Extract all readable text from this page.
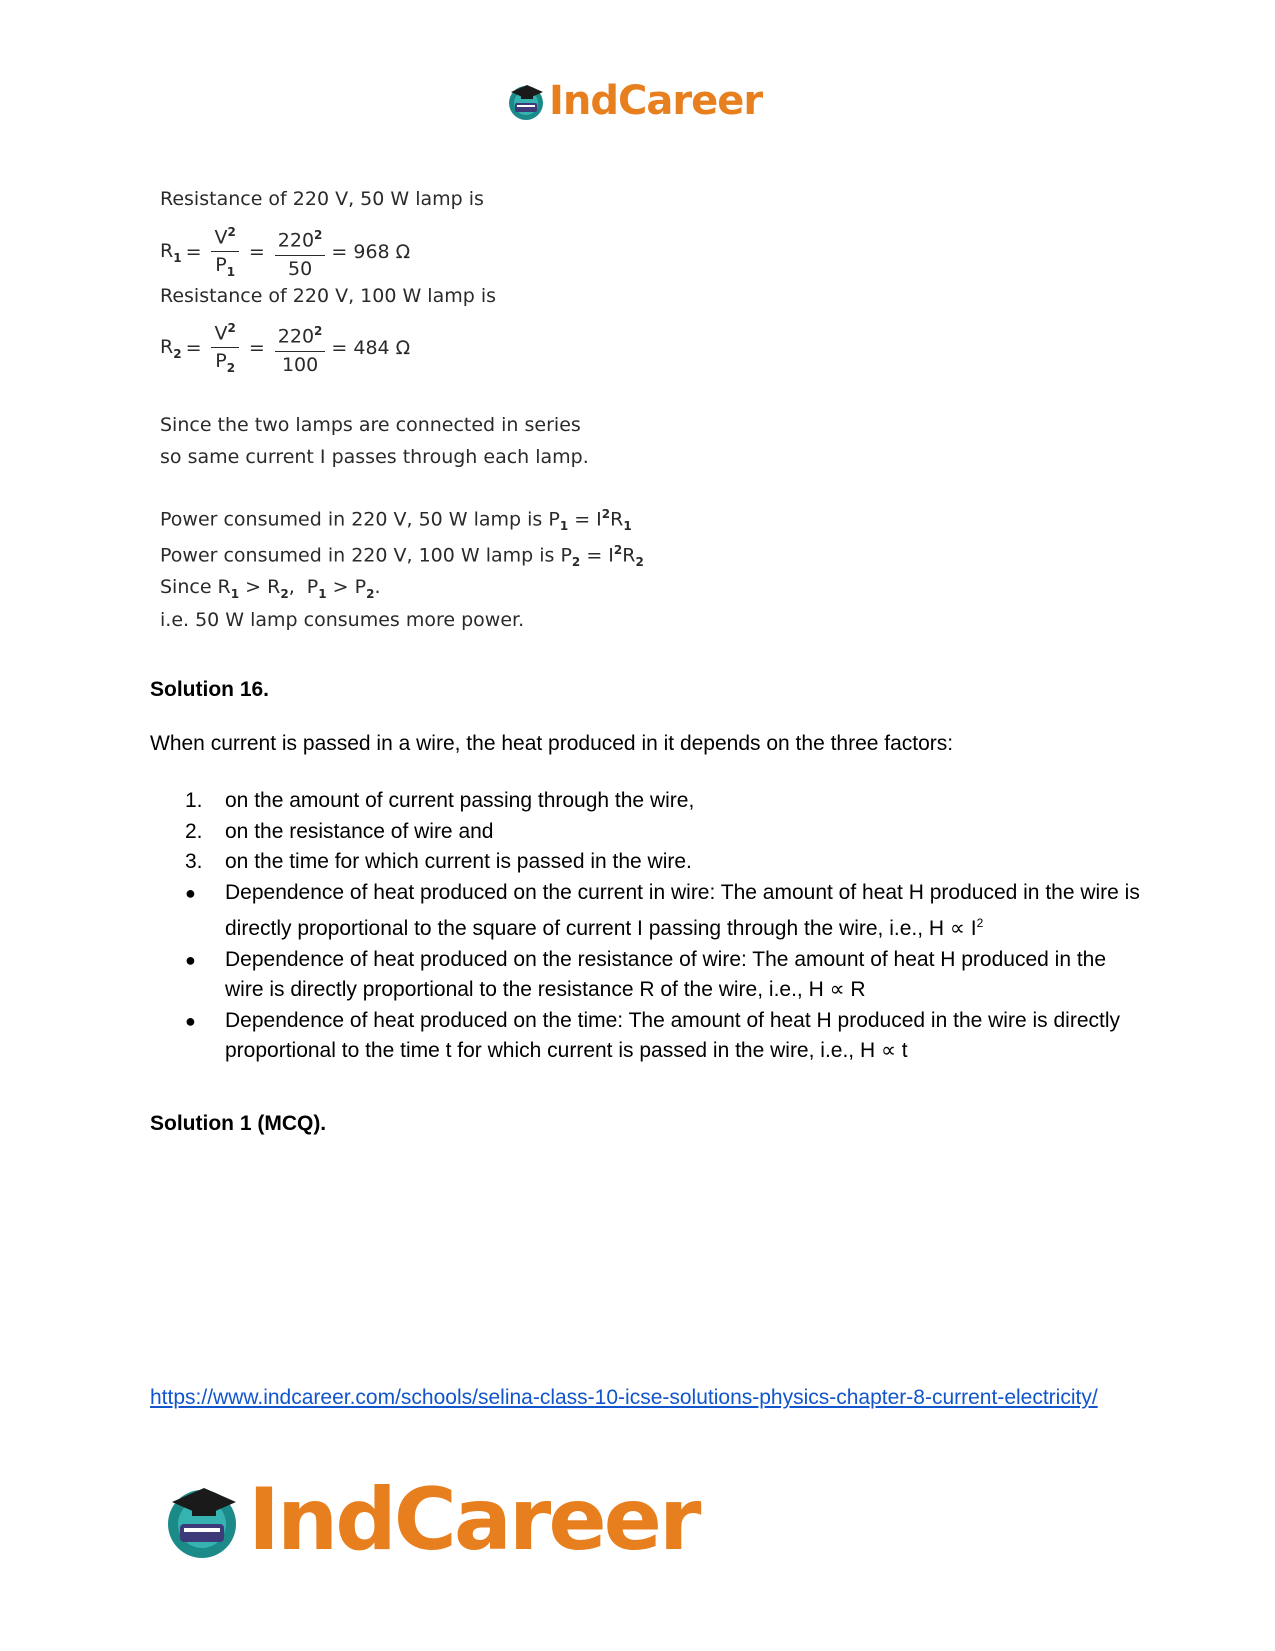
IndCareer
Resistance of 220 V, 50 W lamp is
$R_1 = \frac{V^2}{P_1} = \frac{220^2}{50} = 968$ Ω
Resistance of 220 V, 100 W lamp is
$R_2 = \frac{V^2}{P_2} = \frac{220^2}{100} = 484$ Ω
Since the two lamps are connected in series
so same current I passes through each lamp.
Power consumed in 220 V, 50 W lamp is $P_1 = I^2R_1$
Power consumed in 220 V, 100 W lamp is $P_2 = I^2R_2$
Since $R_1 > R_2$,  $P_1 > P_2$.
i.e. 50 W lamp consumes more power.
Solution 16.
When current is passed in a wire, the heat produced in it depends on the three factors:
1.	on the amount of current passing through the wire,
2.	on the resistance of wire and
3.	on the time for which current is passed in the wire.
●	Dependence of heat produced on the current in wire: The amount of heat H produced in the wire is directly proportional to the square of current I passing through the wire, i.e., $H \propto I^2$
●	Dependence of heat produced on the resistance of wire: The amount of heat H produced in the wire is directly proportional to the resistance R of the wire, i.e., H ∝ R
●	Dependence of heat produced on the time: The amount of heat H produced in the wire is directly proportional to the time t for which current is passed in the wire, i.e., H ∝ t
Solution 1 (MCQ).
https://www.indcareer.com/schools/selina-class-10-icse-solutions-physics-chapter-8-current-electricity/
IndCareer
